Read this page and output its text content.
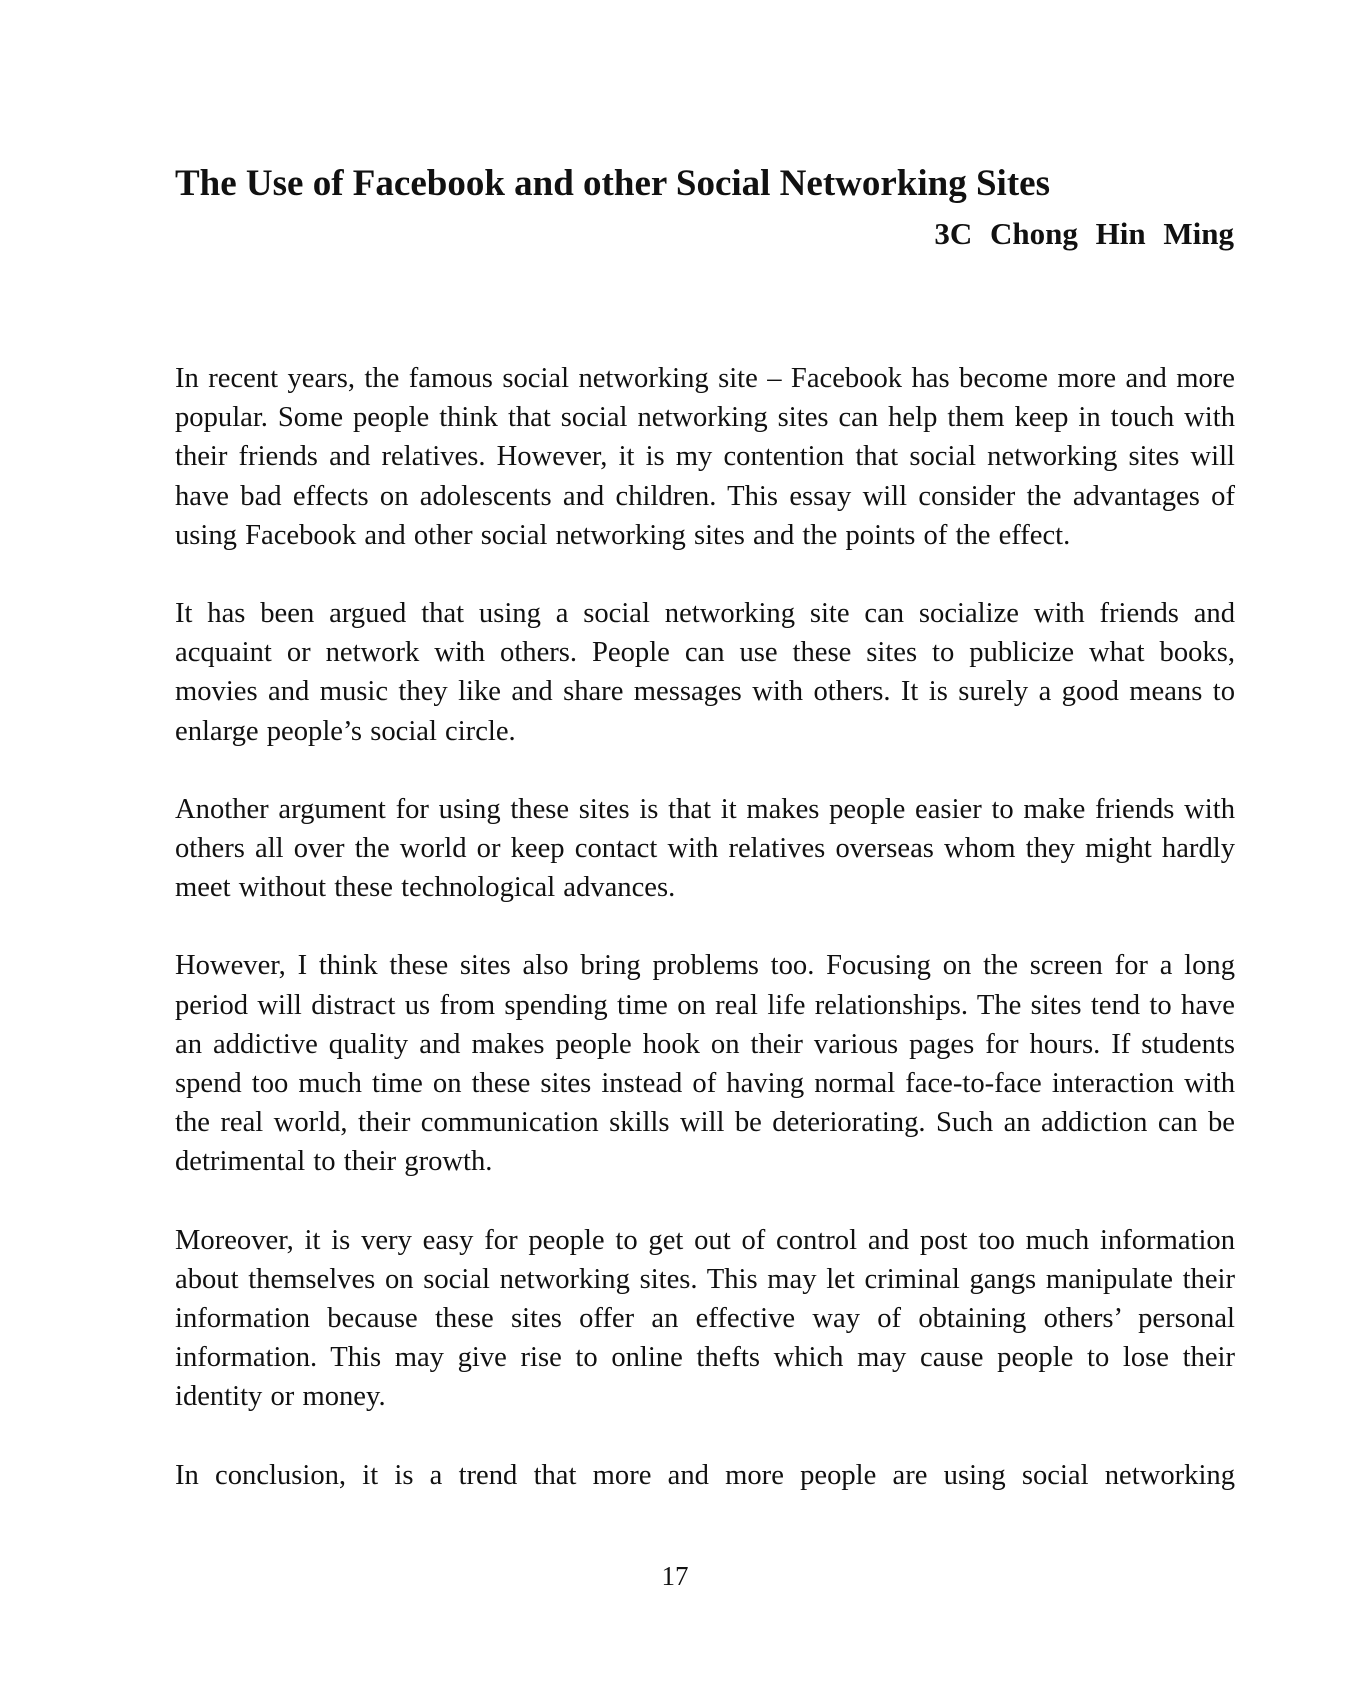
The Use of Facebook and other Social Networking Sites

3C Chong Hin Ming

In recent years, the famous social networking site – Facebook has become more and more popular. Some people think that social networking sites can help them keep in touch with their friends and relatives. However, it is my contention that social networking sites will have bad effects on adolescents and children. This essay will consider the advantages of using Facebook and other social networking sites and the points of the effect.

It has been argued that using a social networking site can socialize with friends and acquaint or network with others. People can use these sites to publicize what books, movies and music they like and share messages with others. It is surely a good means to enlarge people’s social circle.

Another argument for using these sites is that it makes people easier to make friends with others all over the world or keep contact with relatives overseas whom they might hardly meet without these technological advances.

However, I think these sites also bring problems too. Focusing on the screen for a long period will distract us from spending time on real life relationships. The sites tend to have an addictive quality and makes people hook on their various pages for hours. If students spend too much time on these sites instead of having normal face-to-face interaction with the real world, their communication skills will be deteriorating. Such an addiction can be detrimental to their growth.

Moreover, it is very easy for people to get out of control and post too much information about themselves on social networking sites. This may let criminal gangs manipulate their information because these sites offer an effective way of obtaining others’ personal information. This may give rise to online thefts which may cause people to lose their identity or money.

In conclusion, it is a trend that more and more people are using social networking

17
